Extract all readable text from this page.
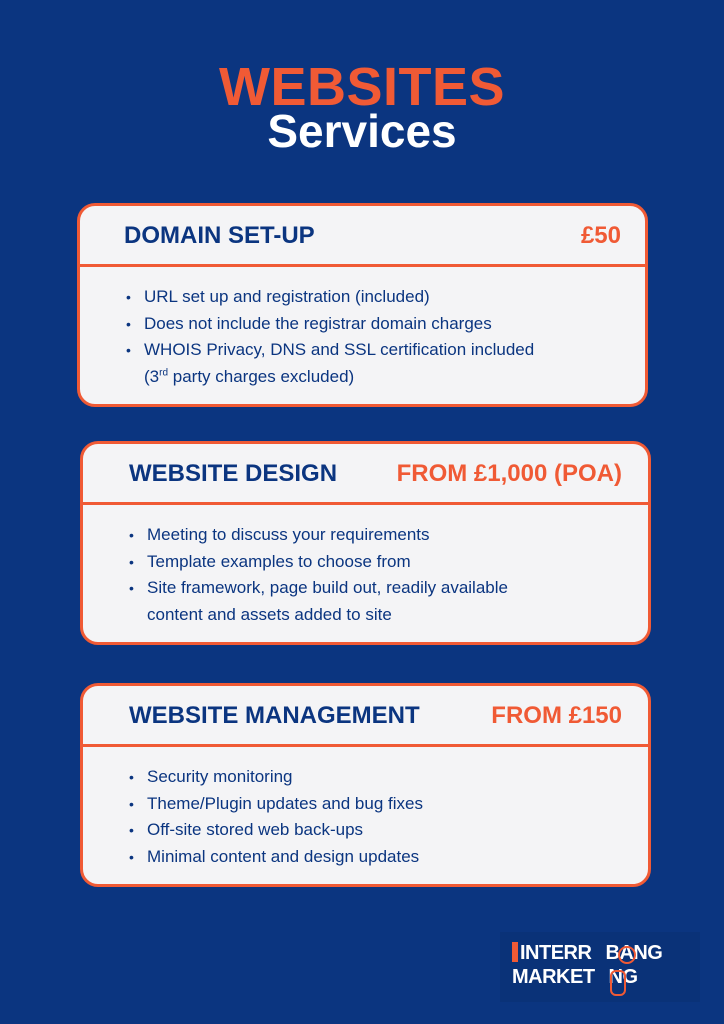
WEBSITES
Services
DOMAIN SET-UP	£50
• URL set up and registration (included)
• Does not include the registrar domain charges
• WHOIS Privacy, DNS and SSL certification included
(3rd party charges excluded)
WEBSITE DESIGN FROM £1,000 (POA)
• Meeting to discuss your requirements
• Template examples to choose from
• Site framework, page build out, readily available
content and assets added to site
WEBSITE MANAGEMENT	FROM £150
• Security monitoring
• Theme/Plugin updates and bug fixes
• Off-site stored web back-ups
• Minimal content and design updates
INTERR BANG
MARKET NG
